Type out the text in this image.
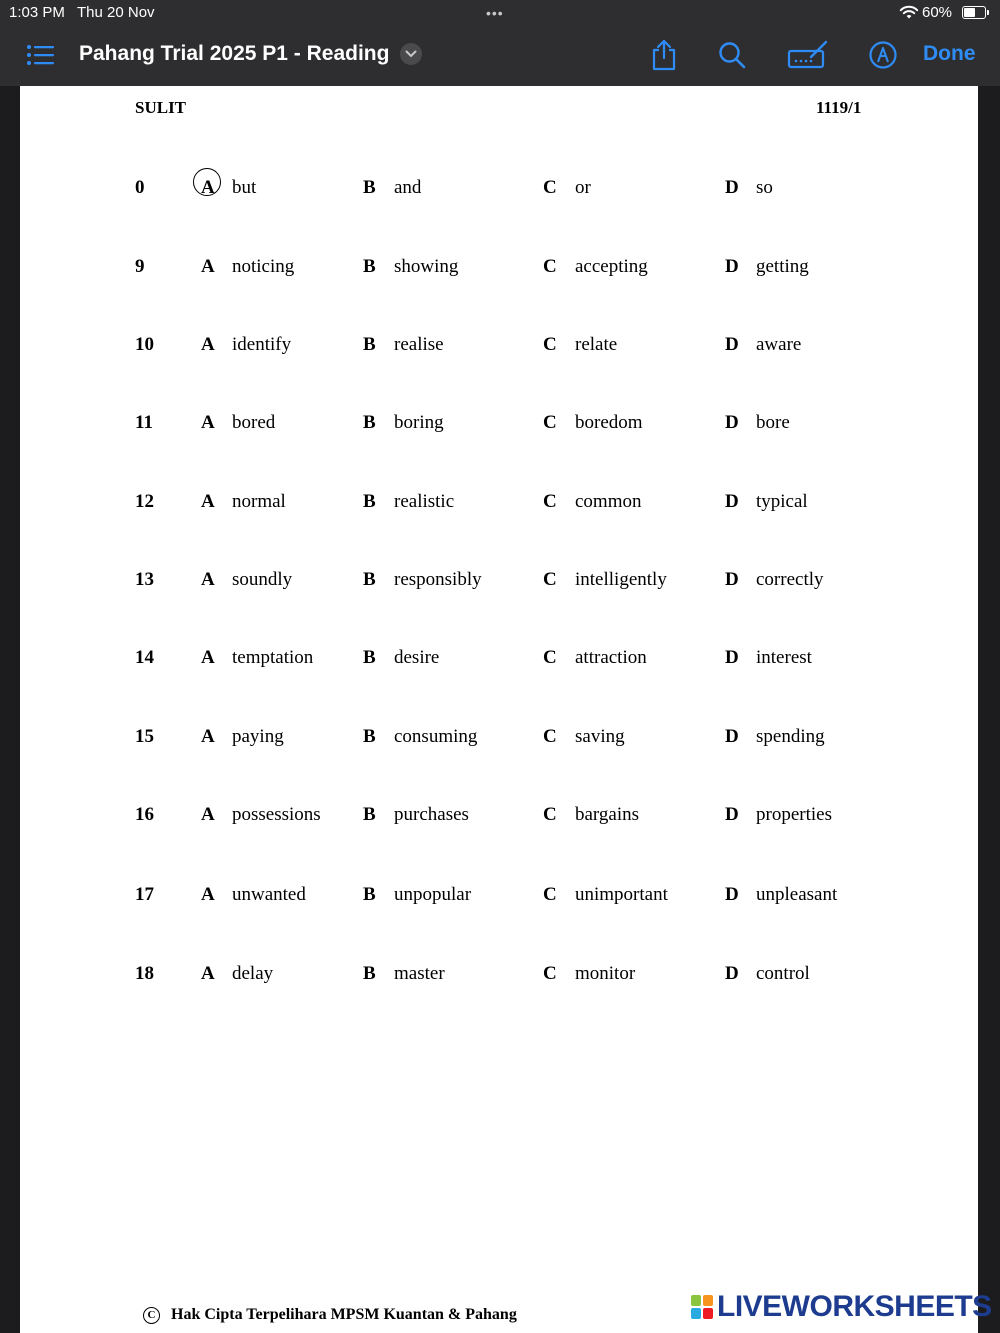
1:03 PM Thu 20 Nov	•••	60%
Pahang Trial 2025 P1 - Reading	Done
SULIT	1119/1
0	A but	B and	C or	D so
9	A noticing	B showing	C accepting	D getting
10 A identify	B realise	C relate	D aware
11	A bored	B boring	C boredom	D bore
12 A normal	B realistic	C common	D typical
13 A soundly	B responsibly	C intelligently	D correctly
14 A temptation	B desire	C attraction	D interest
15 A paying	B consuming	C saving	D spending
16 A possessions B purchases	C bargains	D properties
17 A unwanted	B unpopular	C unimportant	D unpleasant
18 A delay	B master	C monitor	D control
C Hak Cipta Terpelihara MPSM Kuantan & Pahang	LIVEWORKSHEETS
